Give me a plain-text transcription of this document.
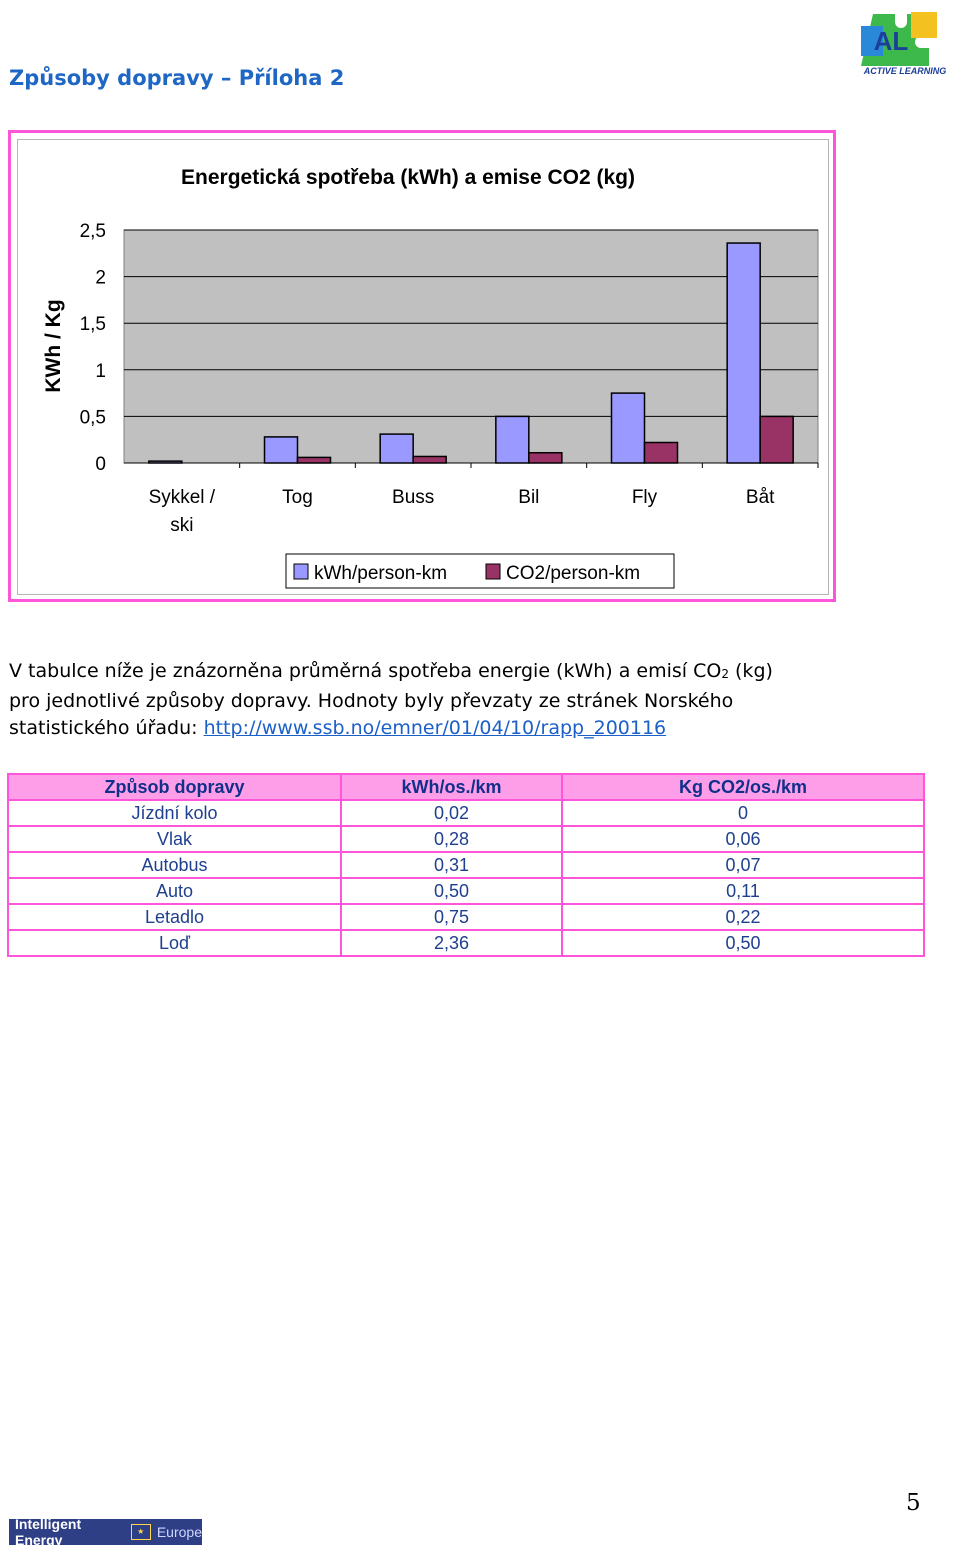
Způsoby dopravy – Příloha 2
AL
ACTIVE LEARNING
Energetická spotřeba (kWh) a emise CO2 (kg)
0
0,5
1
1,5
2
2,5
KWh / Kg
Sykkel /
ski
Tog	Buss	Bil	Fly	Båt
kWh/person-km	CO2/person-km
V tabulce níže je znázorněna průměrná spotřeba energie (kWh) a emisí $CO_2$ (kg)
pro jednotlivé způsoby dopravy. Hodnoty byly převzaty ze stránek Norského
statistického úřadu: http://www.ssb.no/emner/01/04/10/rapp_200116
Způsob dopravy	kWh/os./km	Kg CO2/os./km
Jízdní kolo	0,02	0
Vlak	0,28	0,06
Autobus	0,31	0,07
Auto	0,50	0,11
Letadlo	0,75	0,22
Loď	2,36	0,50
5
Intelligent Energy
★ Europe
